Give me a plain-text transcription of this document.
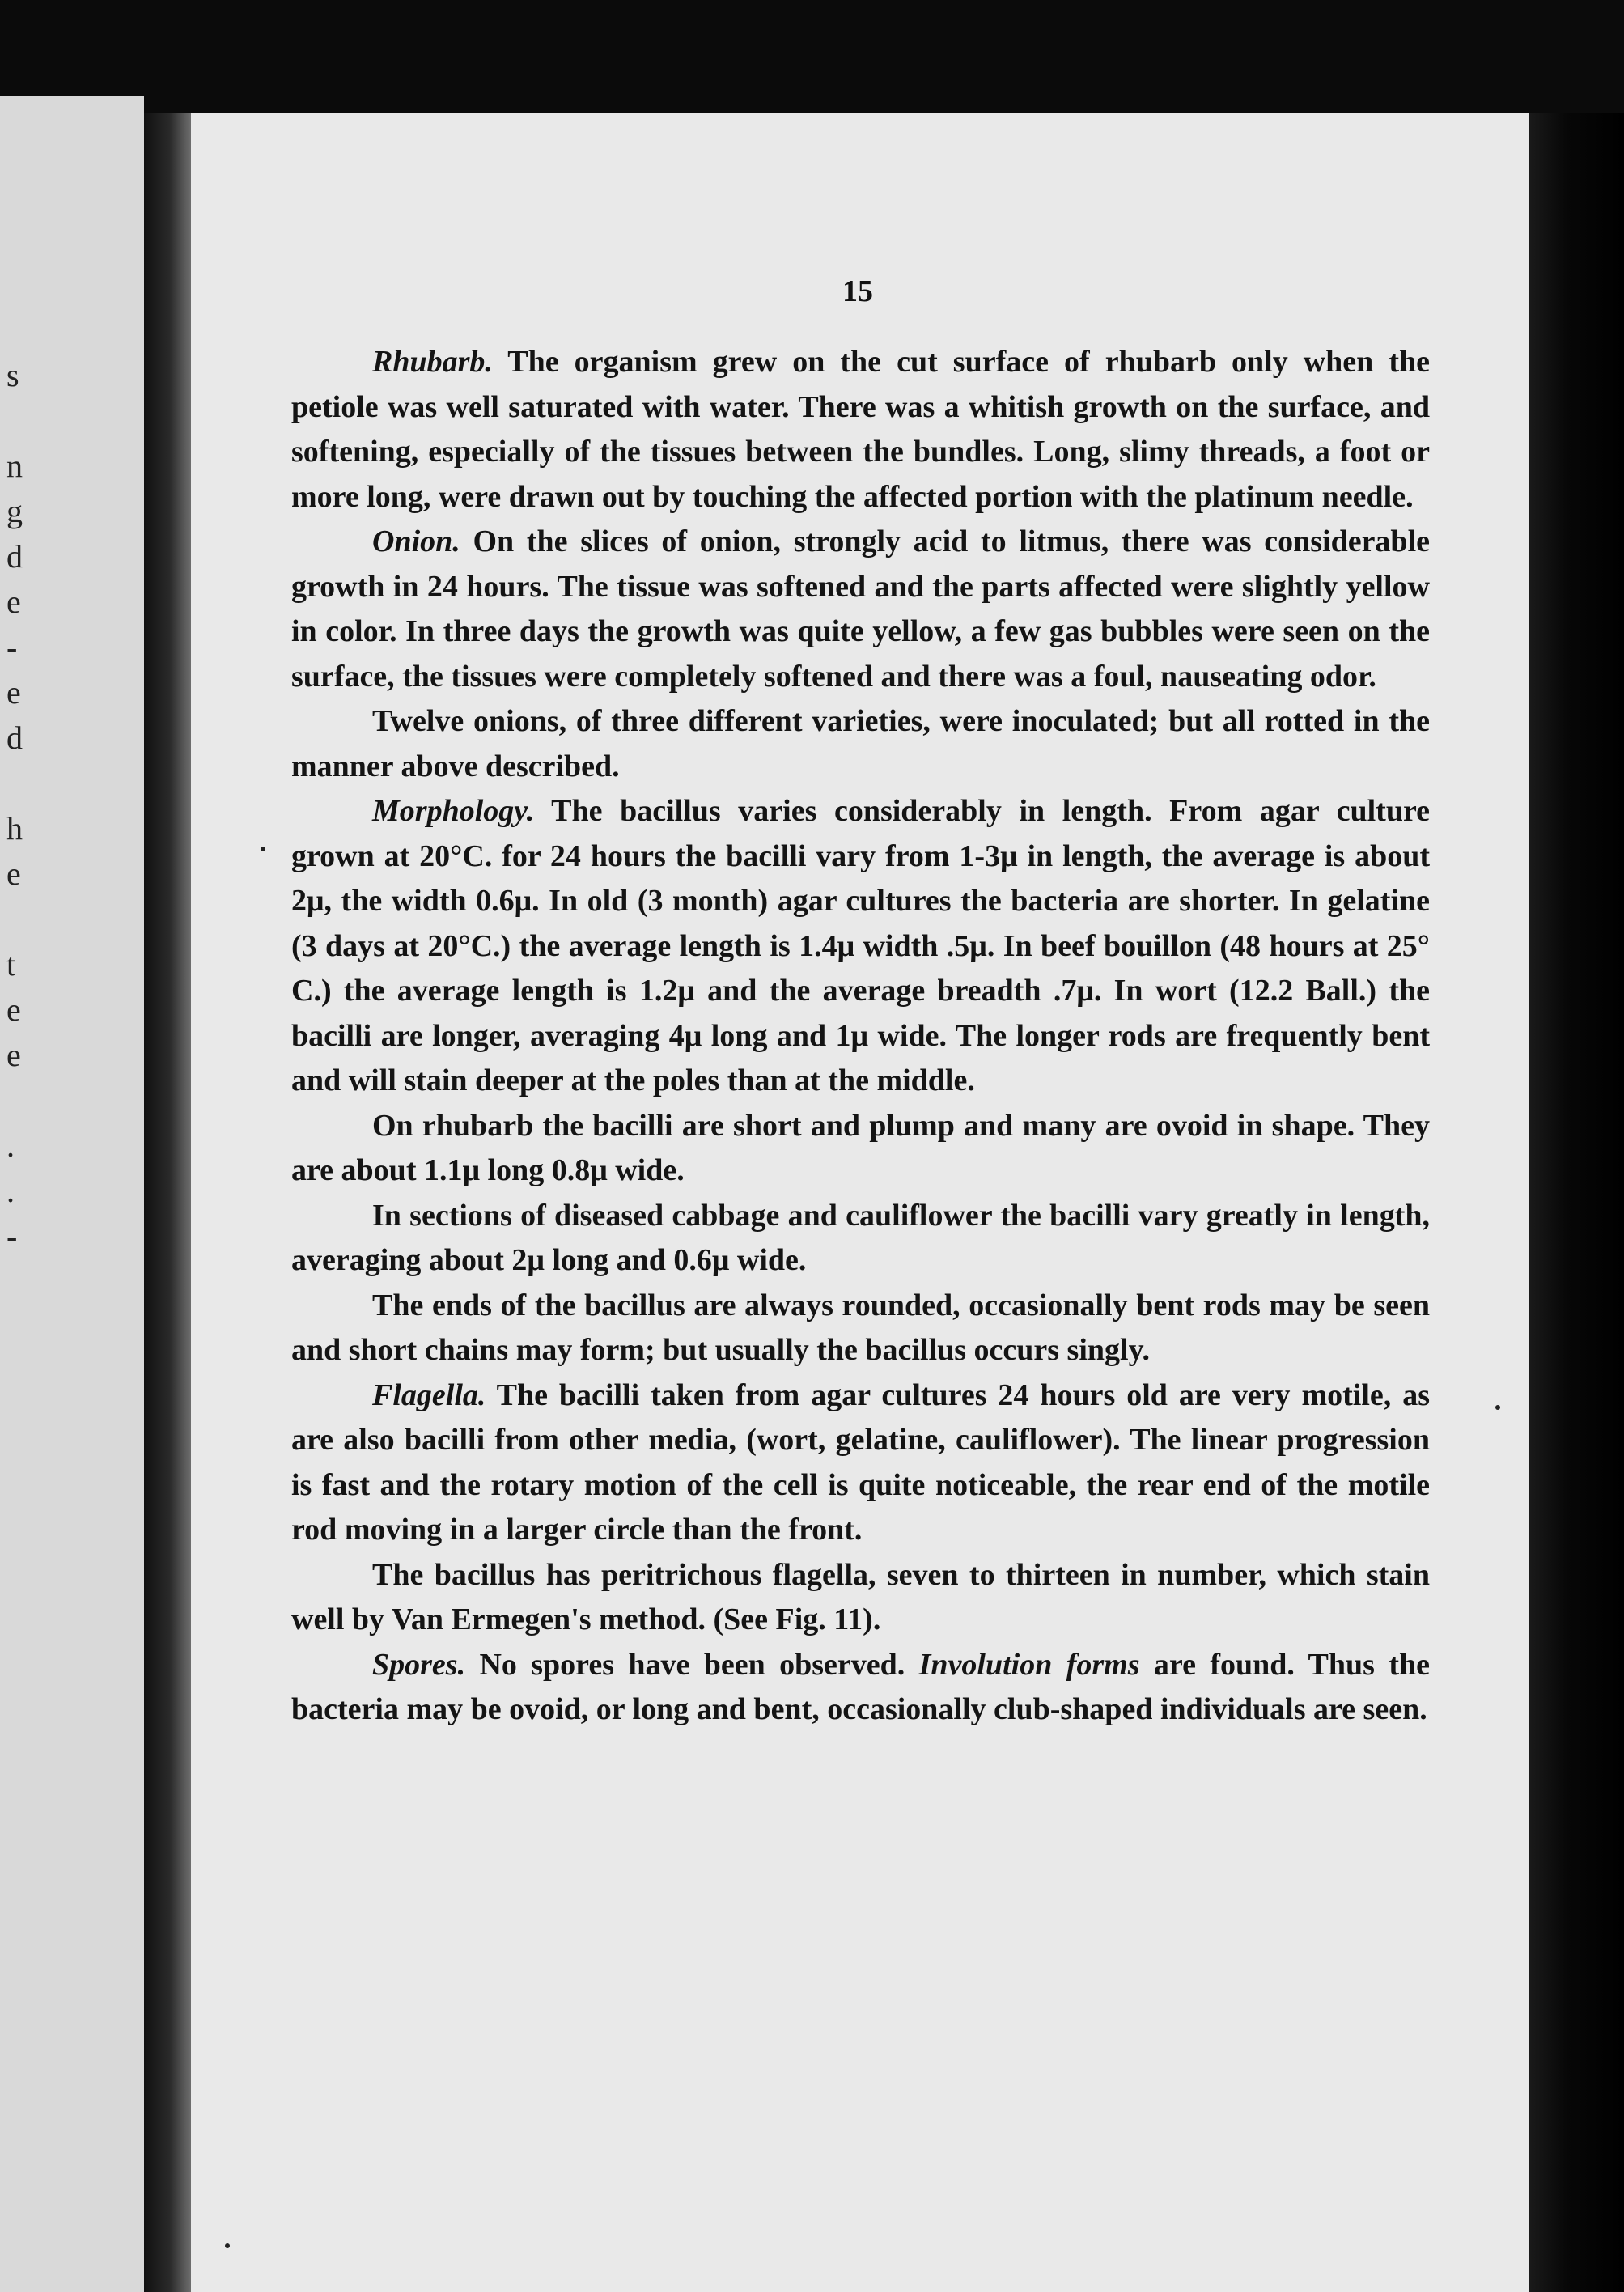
s
n
g
d
e
-
e
d
h
e
t
e
e
.
.
-
15

Rhubarb. The organism grew on the cut surface of rhubarb only when the petiole was well saturated with water. There was a whitish growth on the surface, and softening, especially of the tissues between the bundles. Long, slimy threads, a foot or more long, were drawn out by touching the affected portion with the platinum needle.

Onion. On the slices of onion, strongly acid to litmus, there was considerable growth in 24 hours. The tissue was softened and the parts affected were slightly yellow in color. In three days the growth was quite yellow, a few gas bubbles were seen on the surface, the tissues were completely softened and there was a foul, nauseating odor.

Twelve onions, of three different varieties, were inoculated; but all rotted in the manner above described.

Morphology. The bacillus varies considerably in length. From agar culture grown at 20°C. for 24 hours the bacilli vary from 1-3μ in length, the average is about 2μ, the width 0.6μ. In old (3 month) agar cultures the bacteria are shorter. In gelatine (3 days at 20°C.) the average length is 1.4μ width .5μ. In beef bouillon (48 hours at 25° C.) the average length is 1.2μ and the average breadth .7μ. In wort (12.2 Ball.) the bacilli are longer, averaging 4μ long and 1μ wide. The longer rods are frequently bent and will stain deeper at the poles than at the middle.

On rhubarb the bacilli are short and plump and many are ovoid in shape. They are about 1.1μ long 0.8μ wide.

In sections of diseased cabbage and cauliflower the bacilli vary greatly in length, averaging about 2μ long and 0.6μ wide.

The ends of the bacillus are always rounded, occasionally bent rods may be seen and short chains may form; but usually the bacillus occurs singly.

Flagella. The bacilli taken from agar cultures 24 hours old are very motile, as are also bacilli from other media, (wort, gelatine, cauliflower). The linear progression is fast and the rotary motion of the cell is quite noticeable, the rear end of the motile rod moving in a larger circle than the front.

The bacillus has peritrichous flagella, seven to thirteen in number, which stain well by Van Ermegen's method. (See Fig. 11).

Spores. No spores have been observed. Involution forms are found. Thus the bacteria may be ovoid, or long and bent, occasionally club-shaped individuals are seen.
